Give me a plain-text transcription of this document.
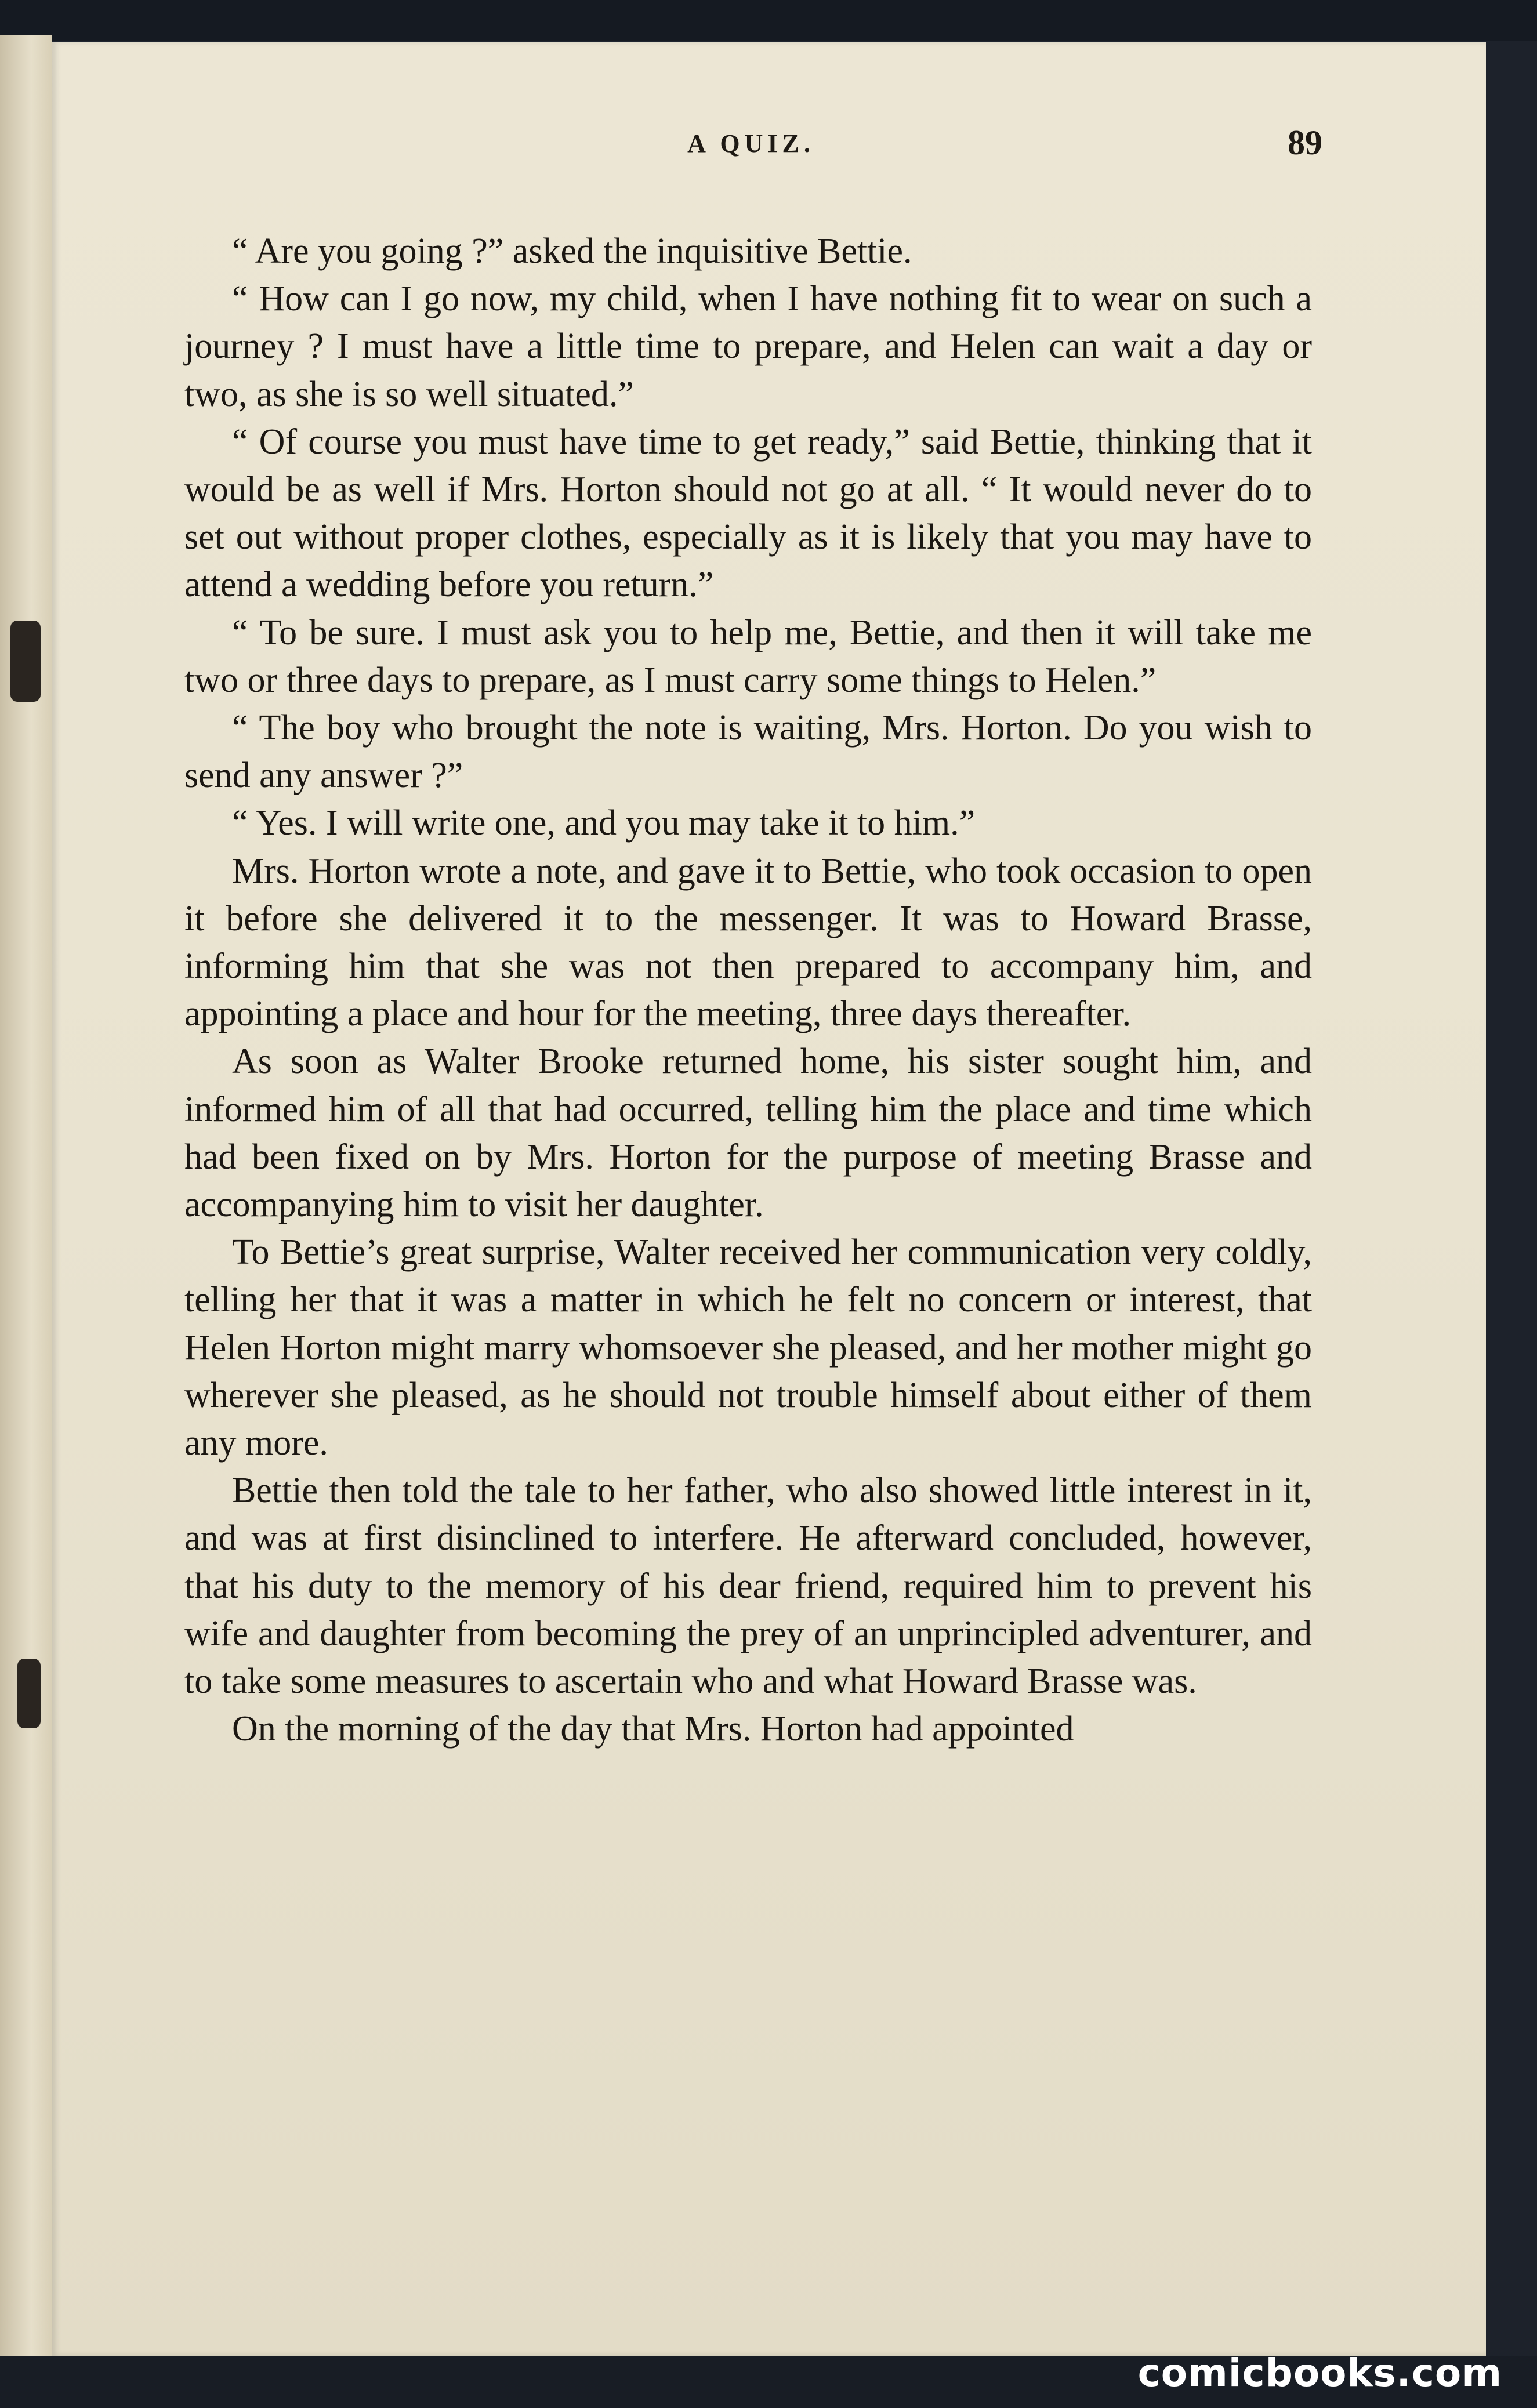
A QUIZ.	89

“ Are you going ?” asked the inquisitive Bettie.

“ How can I go now, my child, when I have nothing fit to wear on such a journey ? I must have a little time to prepare, and Helen can wait a day or two, as she is so well situated.”

“ Of course you must have time to get ready,” said Bettie, thinking that it would be as well if Mrs. Horton should not go at all. “ It would never do to set out without proper clothes, especially as it is likely that you may have to attend a wedding before you return.”

“ To be sure. I must ask you to help me, Bettie, and then it will take me two or three days to prepare, as I must carry some things to Helen.”

“ The boy who brought the note is waiting, Mrs. Horton. Do you wish to send any answer ?”

“ Yes. I will write one, and you may take it to him.”

Mrs. Horton wrote a note, and gave it to Bettie, who took occasion to open it before she delivered it to the messenger. It was to Howard Brasse, informing him that she was not then prepared to accompany him, and appointing a place and hour for the meeting, three days thereafter.

As soon as Walter Brooke returned home, his sister sought him, and informed him of all that had occurred, telling him the place and time which had been fixed on by Mrs. Horton for the purpose of meeting Brasse and accompanying him to visit her daughter.

To Bettie’s great surprise, Walter received her communication very coldly, telling her that it was a matter in which he felt no concern or interest, that Helen Horton might marry whomsoever she pleased, and her mother might go wherever she pleased, as he should not trouble himself about either of them any more.

Bettie then told the tale to her father, who also showed little interest in it, and was at first disinclined to interfere. He afterward concluded, however, that his duty to the memory of his dear friend, required him to prevent his wife and daughter from becoming the prey of an unprincipled adventurer, and to take some measures to ascertain who and what Howard Brasse was.

On the morning of the day that Mrs. Horton had appointed

comicbooks.com
